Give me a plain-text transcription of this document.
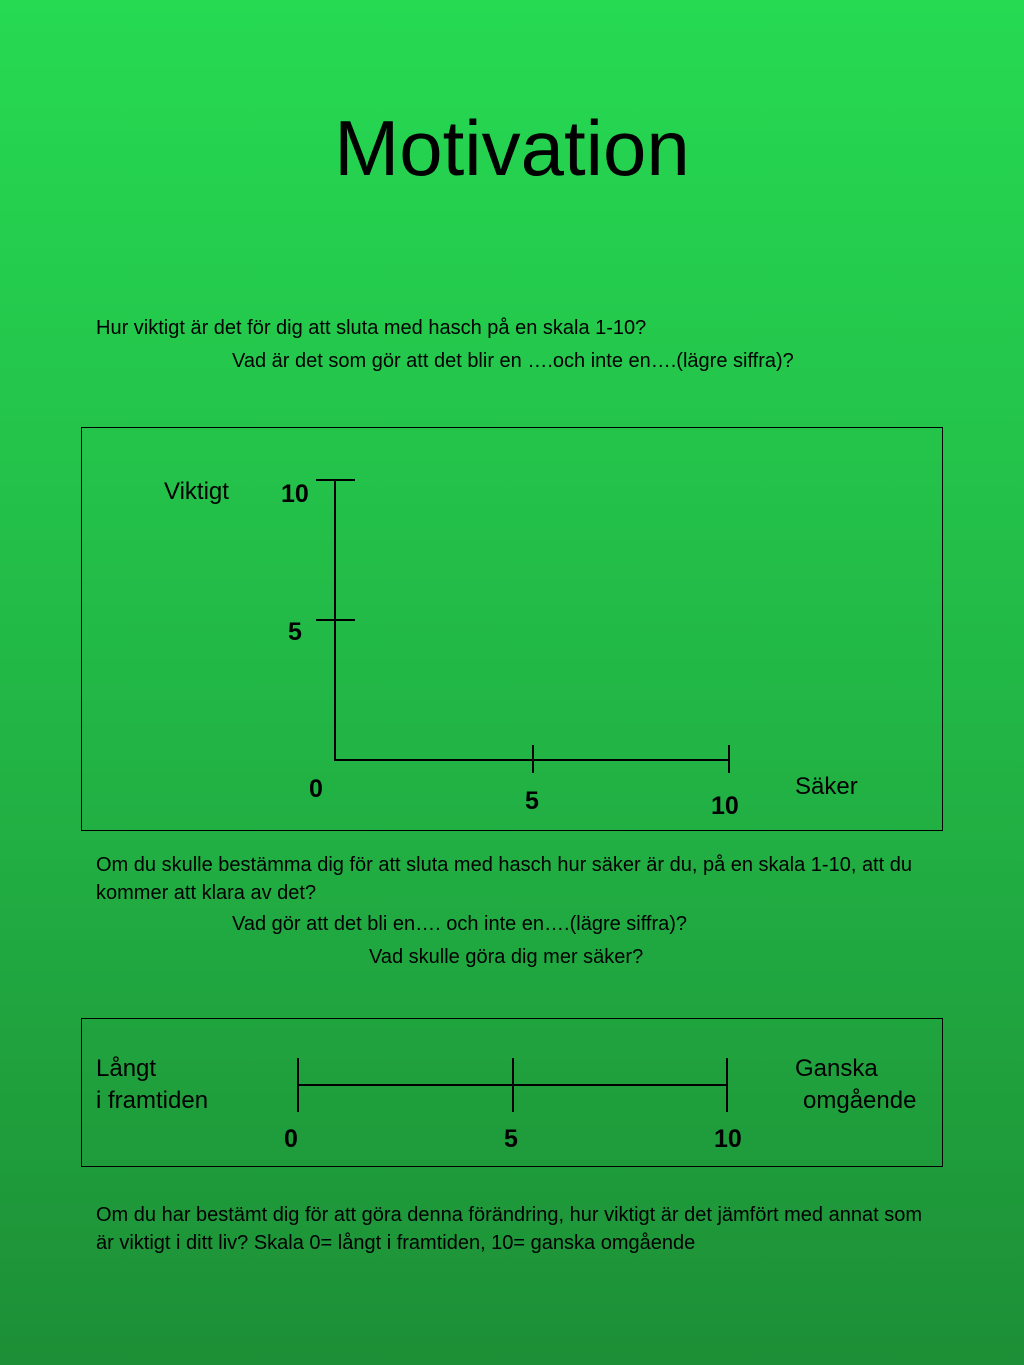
Motivation
Hur viktigt är det för dig att sluta med hasch på en skala 1-10?
Vad är det som gör att det blir en ….och inte en….(lägre siffra)?
Viktigt
Säker
10
5
0	5	10
Om du skulle bestämma dig för att sluta med hasch hur säker är du, på en skala 1-10, att du kommer att klara av det?
Vad gör att det bli en…. och inte en….(lägre siffra)?
Vad skulle göra dig mer säker?
Långt
i framtiden
Ganska
omgående
0	5	10
Om du har bestämt dig för att göra denna förändring, hur viktigt är det jämfört med annat som är viktigt i ditt liv? Skala 0= långt i framtiden, 10= ganska omgående
